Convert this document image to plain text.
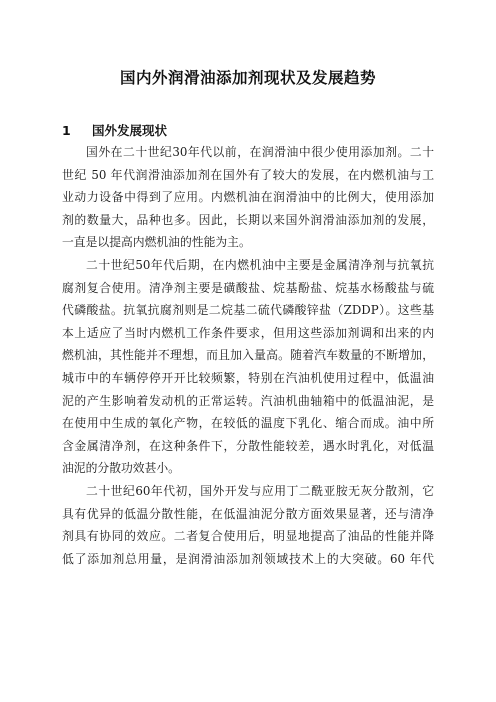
国内外润滑油添加剂现状及发展趋势
1 国外发展现状
国外在二十世纪30年代以前，在润滑油中很少使用添加剂。二十
世纪 50 年代润滑油添加剂在国外有了较大的发展，在内燃机油与工
业动力设备中得到了应用。内燃机油在润滑油中的比例大，使用添加
剂的数量大，品种也多。因此，长期以来国外润滑油添加剂的发展，
一直是以提高内燃机油的性能为主。
二十世纪50年代后期，在内燃机油中主要是金属清净剂与抗氧抗
腐剂复合使用。清净剂主要是磺酸盐、烷基酚盐、烷基水杨酸盐与硫
代磷酸盐。抗氧抗腐剂则是二烷基二硫代磷酸锌盐（ZDDP）。这些基
本上适应了当时内燃机工作条件要求，但用这些添加剂调和出来的内
燃机油，其性能并不理想，而且加入量高。随着汽车数量的不断增加，
城市中的车辆停停开开比较频繁，特别在汽油机使用过程中，低温油
泥的产生影响着发动机的正常运转。汽油机曲轴箱中的低温油泥，是
在使用中生成的氧化产物，在较低的温度下乳化、缩合而成。油中所
含金属清净剂，在这种条件下，分散性能较差，遇水时乳化，对低温
油泥的分散功效甚小。
二十世纪60年代初，国外开发与应用丁二酰亚胺无灰分散剂，它
具有优异的低温分散性能，在低温油泥分散方面效果显著，还与清净
剂具有协同的效应。二者复合使用后，明显地提高了油品的性能并降
低了添加剂总用量，是润滑油添加剂领域技术上的大突破。60 年代
